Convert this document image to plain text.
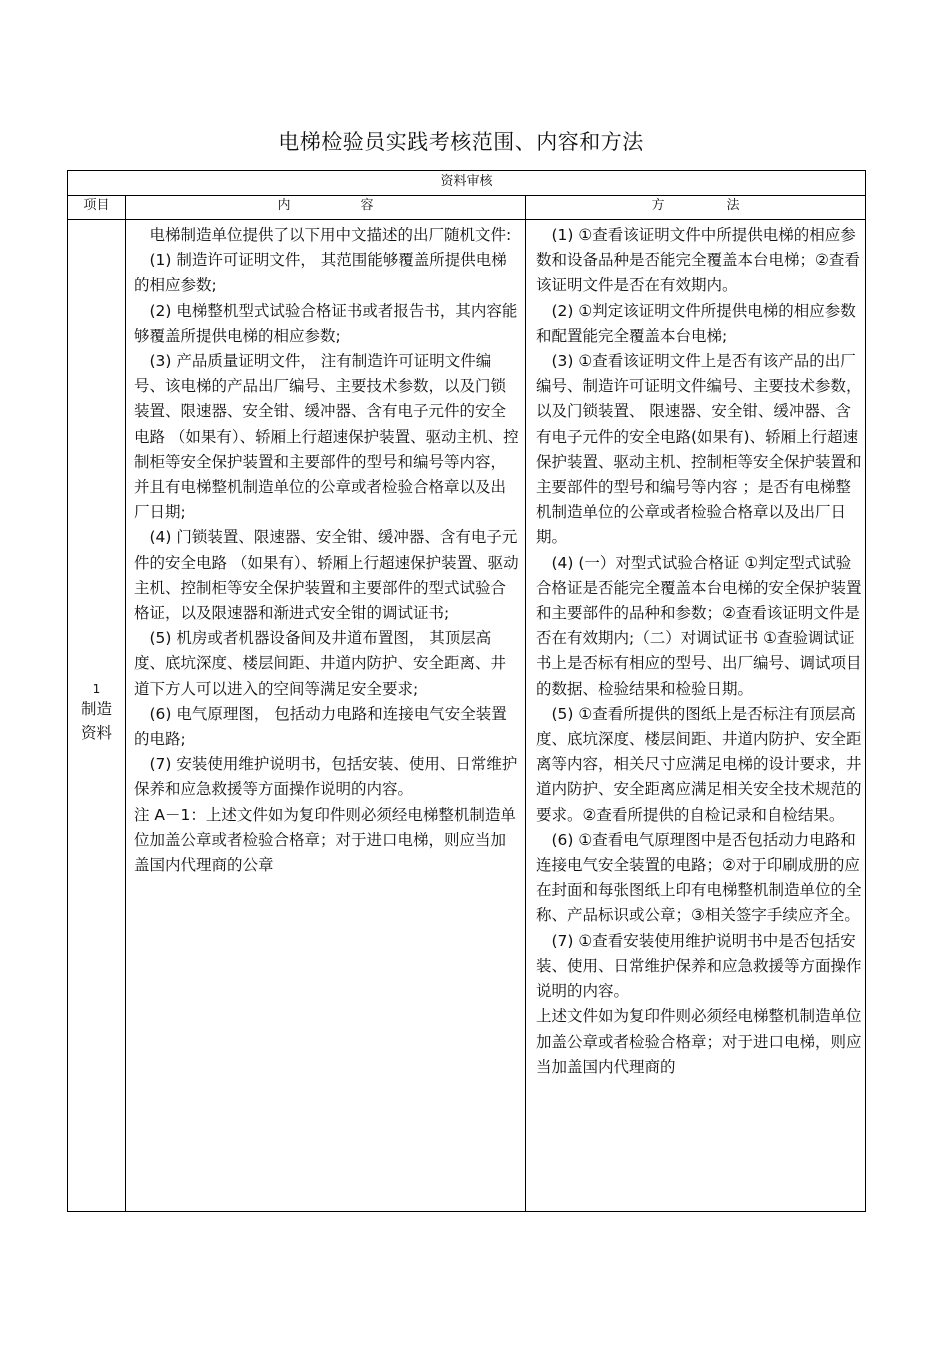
电梯检验员实践考核范围、内容和方法
资料审核
项目	内容	方法
1
制造
资料

电梯制造单位提供了以下用中文描述的出厂随机文件:

(1) 制造许可证明文件， 其范围能够覆盖所提供电梯的相应参数;

(2) 电梯整机型式试验合格证书或者报告书，其内容能够覆盖所提供电梯的相应参数;

(3) 产品质量证明文件， 注有制造许可证明文件编号、该电梯的产品出厂编号、主要技术参数，以及门锁装置、限速器、安全钳、缓冲器、含有电子元件的安全电路 （如果有）、轿厢上行超速保护装置、驱动主机、控制柜等安全保护装置和主要部件的型号和编号等内容，并且有电梯整机制造单位的公章或者检验合格章以及出厂日期;

(4) 门锁装置、限速器、安全钳、缓冲器、含有电子元件的安全电路 （如果有）、轿厢上行超速保护装置、驱动主机、控制柜等安全保护装置和主要部件的型式试验合格证，以及限速器和渐进式安全钳的调试证书;

(5) 机房或者机器设备间及井道布置图， 其顶层高度、底坑深度、楼层间距、井道内防护、安全距离、井道下方人可以进入的空间等满足安全要求;

(6) 电气原理图， 包括动力电路和连接电气安全装置的电路;

(7) 安装使用维护说明书，包括安装、使用、日常维护保养和应急救援等方面操作说明的内容。

注 A－1：上述文件如为复印件则必须经电梯整机制造单位加盖公章或者检验合格章；对于进口电梯，则应当加盖国内代理商的公章

(1) ①查看该证明文件中所提供电梯的相应参数和设备品种是否能完全覆盖本台电梯；②查看该证明文件是否在有效期内。

(2) ①判定该证明文件所提供电梯的相应参数和配置能完全覆盖本台电梯;

(3) ①查看该证明文件上是否有该产品的出厂编号、制造许可证明文件编号、主要技术参数， 以及门锁装置、 限速器、安全钳、缓冲器、含有电子元件的安全电路(如果有)、轿厢上行超速保护装置、驱动主机、控制柜等安全保护装置和主要部件的型号和编号等内容 ；是否有电梯整机制造单位的公章或者检验合格章以及出厂日期。

(4) (一）对型式试验合格证 ①判定型式试验合格证是否能完全覆盖本台电梯的安全保护装置和主要部件的品种和参数；②查看该证明文件是否在有效期内;（二）对调试证书 ①查验调试证书上是否标有相应的型号、出厂编号、调试项目的数据、检验结果和检验日期。

(5) ①查看所提供的图纸上是否标注有顶层高度、底坑深度、楼层间距、井道内防护、安全距离等内容，相关尺寸应满足电梯的设计要求，井道内防护、安全距离应满足相关安全技术规范的要求。②查看所提供的自检记录和自检结果。

(6) ①查看电气原理图中是否包括动力电路和连接电气安全装置的电路；②对于印刷成册的应在封面和每张图纸上印有电梯整机制造单位的全称、产品标识或公章；③相关签字手续应齐全。

(7) ①查看安装使用维护说明书中是否包括安装、使用、日常维护保养和应急救援等方面操作说明的内容。

上述文件如为复印件则必须经电梯整机制造单位加盖公章或者检验合格章；对于进口电梯，则应当加盖国内代理商的
